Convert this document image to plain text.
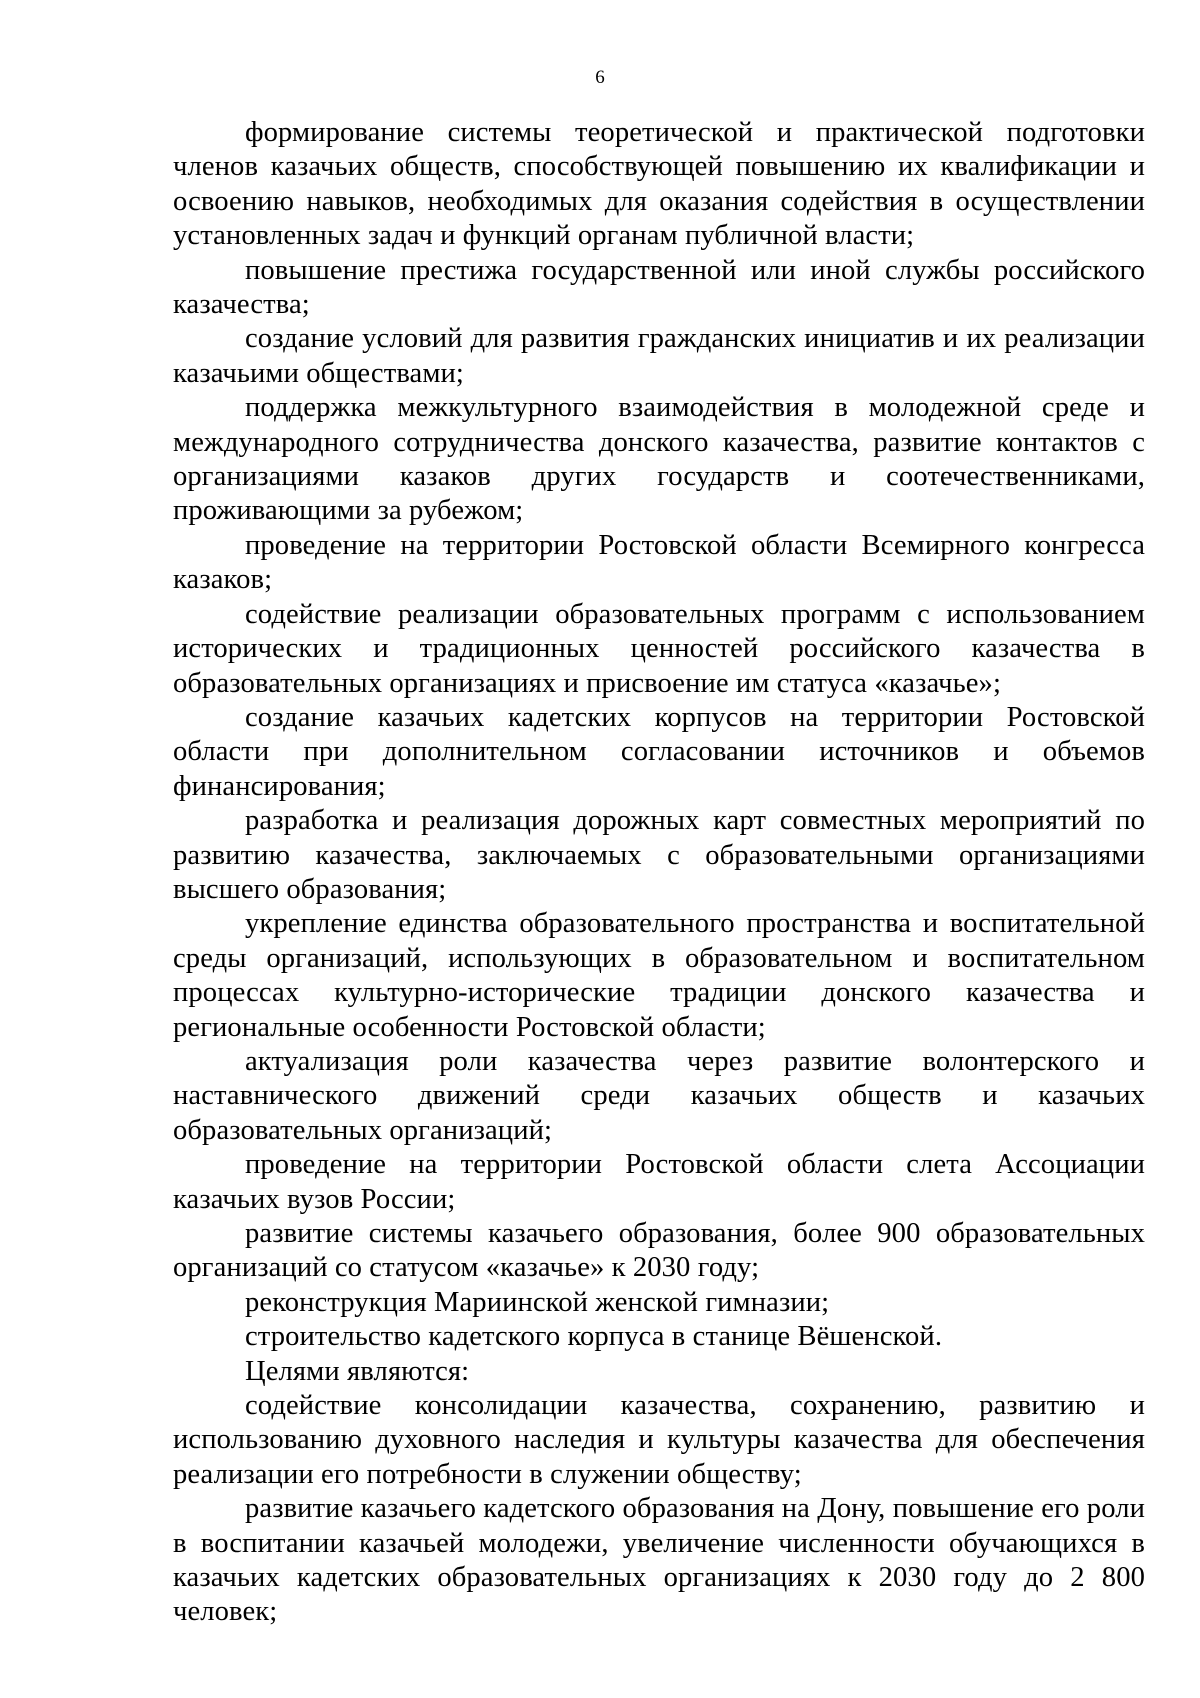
6

формирование системы теоретической и практической подготовки членов казачьих обществ, способствующей повышению их квалификации и освоению навыков, необходимых для оказания содействия в осуществлении установленных задач и функций органам публичной власти;

повышение престижа государственной или иной службы российского казачества;

создание условий для развития гражданских инициатив и их реализации казачьими обществами;

поддержка межкультурного взаимодействия в молодежной среде и международного сотрудничества донского казачества, развитие контактов с организациями казаков других государств и соотечественниками, проживающими за рубежом;

проведение на территории Ростовской области Всемирного конгресса казаков;

содействие реализации образовательных программ с использованием исторических и традиционных ценностей российского казачества в образовательных организациях и присвоение им статуса «казачье»;

создание казачьих кадетских корпусов на территории Ростовской области при дополнительном согласовании источников и объемов финансирования;

разработка и реализация дорожных карт совместных мероприятий по развитию казачества, заключаемых с образовательными организациями высшего образования;

укрепление единства образовательного пространства и воспитательной среды организаций, использующих в образовательном и воспитательном процессах культурно-исторические традиции донского казачества и региональные особенности Ростовской области;

актуализация роли казачества через развитие волонтерского и наставнического движений среди казачьих обществ и казачьих образовательных организаций;

проведение на территории Ростовской области слета Ассоциации казачьих вузов России;

развитие системы казачьего образования, более 900 образовательных организаций со статусом «казачье» к 2030 году;

реконструкция Мариинской женской гимназии;

строительство кадетского корпуса в станице Вёшенской.

Целями являются:

содействие консолидации казачества, сохранению, развитию и использованию духовного наследия и культуры казачества для обеспечения реализации его потребности в служении обществу;

развитие казачьего кадетского образования на Дону, повышение его роли в воспитании казачьей молодежи, увеличение численности обучающихся в казачьих кадетских образовательных организациях к 2030 году до 2 800 человек;
